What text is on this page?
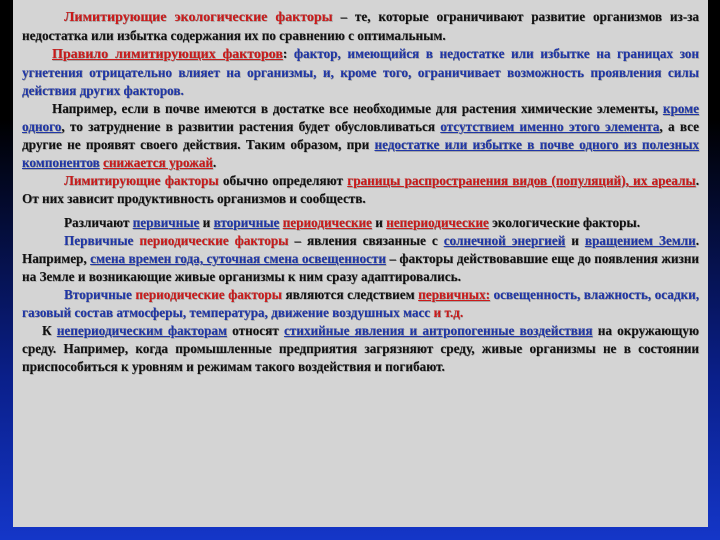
Лимитирующие экологические факторы – те, которые ограничивают развитие организмов из-за недостатка или избытка содержания их по сравнению с оптимальным.

Правило лимитирующих факторов: фактор, имеющийся в недостатке или избытке на границах зон угнетения отрицательно влияет на организмы, и, кроме того, ограничивает возможность проявления силы действия других факторов.

Например, если в почве имеются в достатке все необходимые для растения химические элементы, кроме одного, то затруднение в развитии растения будет обусловливаться отсутствием именно этого элемента, а все другие не проявят своего действия. Таким образом, при недостатке или избытке в почве одного из полезных компонентов снижается урожай.

Лимитирующие факторы обычно определяют границы распространения видов (популяций), их ареалы. От них зависит продуктивность организмов и сообществ.

Различают первичные и вторичные периодические и непериодические экологические факторы.

Первичные периодические факторы – явления связанные с солнечной энергией и вращением Земли. Например, смена времен года, суточная смена освещенности – факторы действовавшие еще до появления жизни на Земле и возникающие живые организмы к ним сразу адаптировались.

Вторичные периодические факторы являются следствием первичных: освещенность, влажность, осадки, газовый состав атмосферы, температура, движение воздушных масс и т.д.

К непериодическим факторам относят стихийные явления и антропогенные воздействия на окружающую среду. Например, когда промышленные предприятия загрязняют среду, живые организмы не в состоянии приспособиться к уровням и режимам такого воздействия и погибают.
